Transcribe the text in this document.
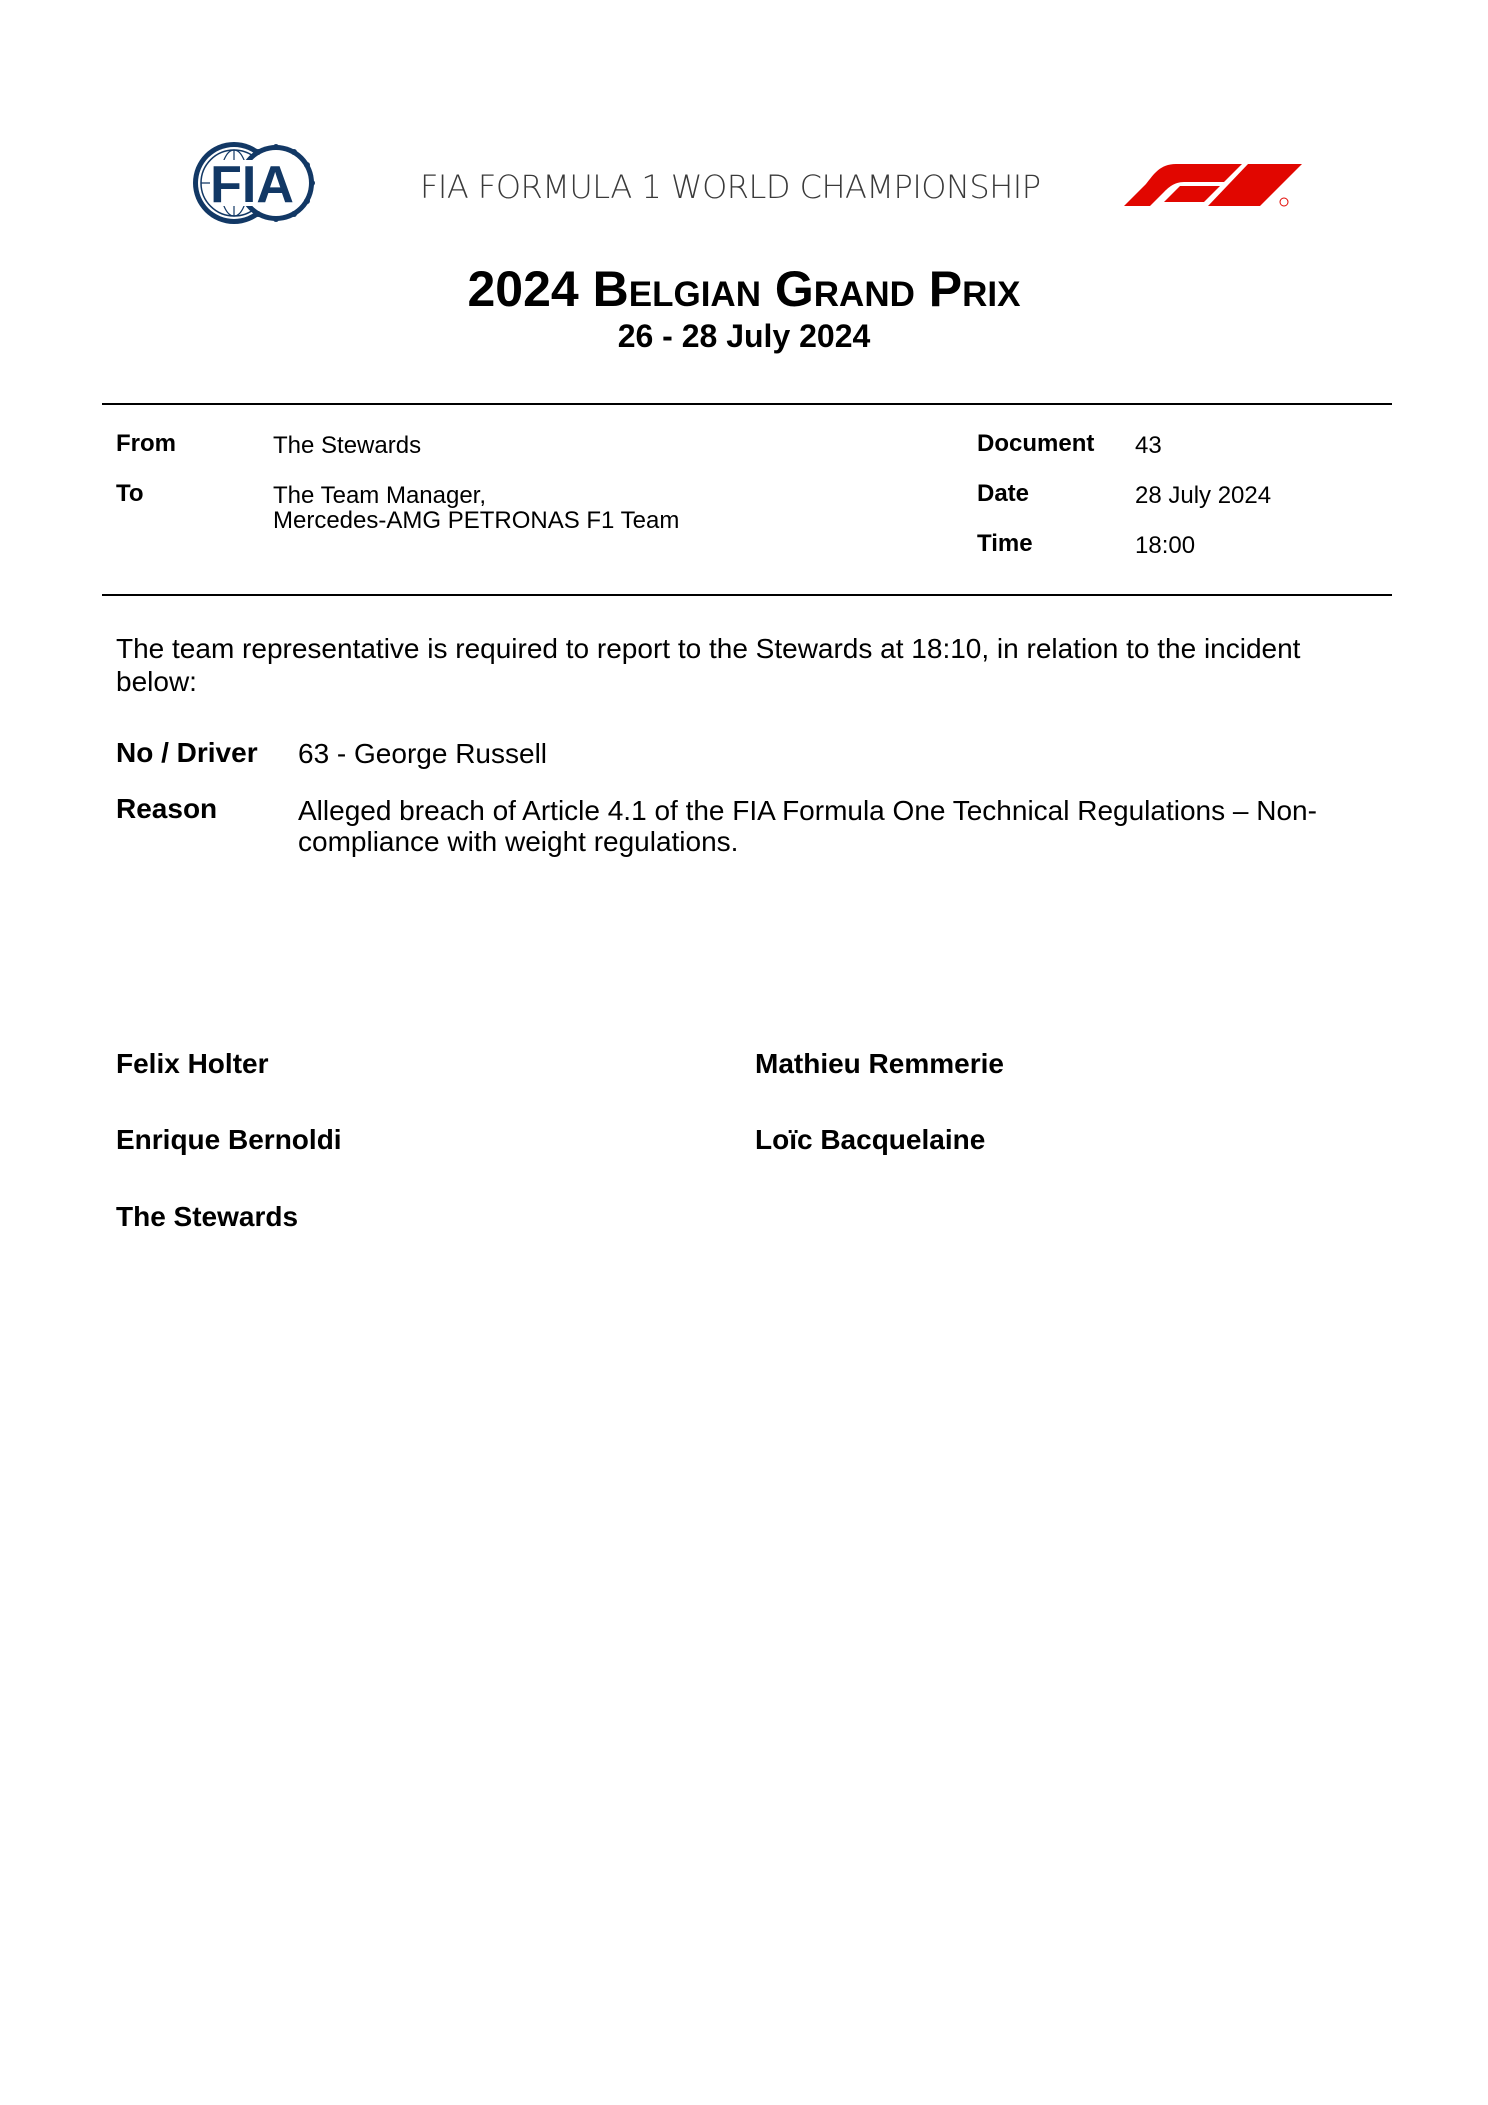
FIA	FIA FORMULA 1 WORLD CHAMPIONSHIP
2024 Belgian Grand Prix
26 - 28 July 2024
From	The Stewards
To	The Team Manager,
Mercedes-AMG PETRONAS F1 Team
Document 43
Date	28 July 2024
Time	18:00
The team representative is required to report to the Stewards at 18:10, in relation to the incident below:
No / Driver 63 - George Russell
Reason	Alleged breach of Article 4.1 of the FIA Formula One Technical Regulations – Non-compliance with weight regulations.
Felix Holter	Mathieu Remmerie
Enrique Bernoldi	Loïc Bacquelaine
The Stewards
